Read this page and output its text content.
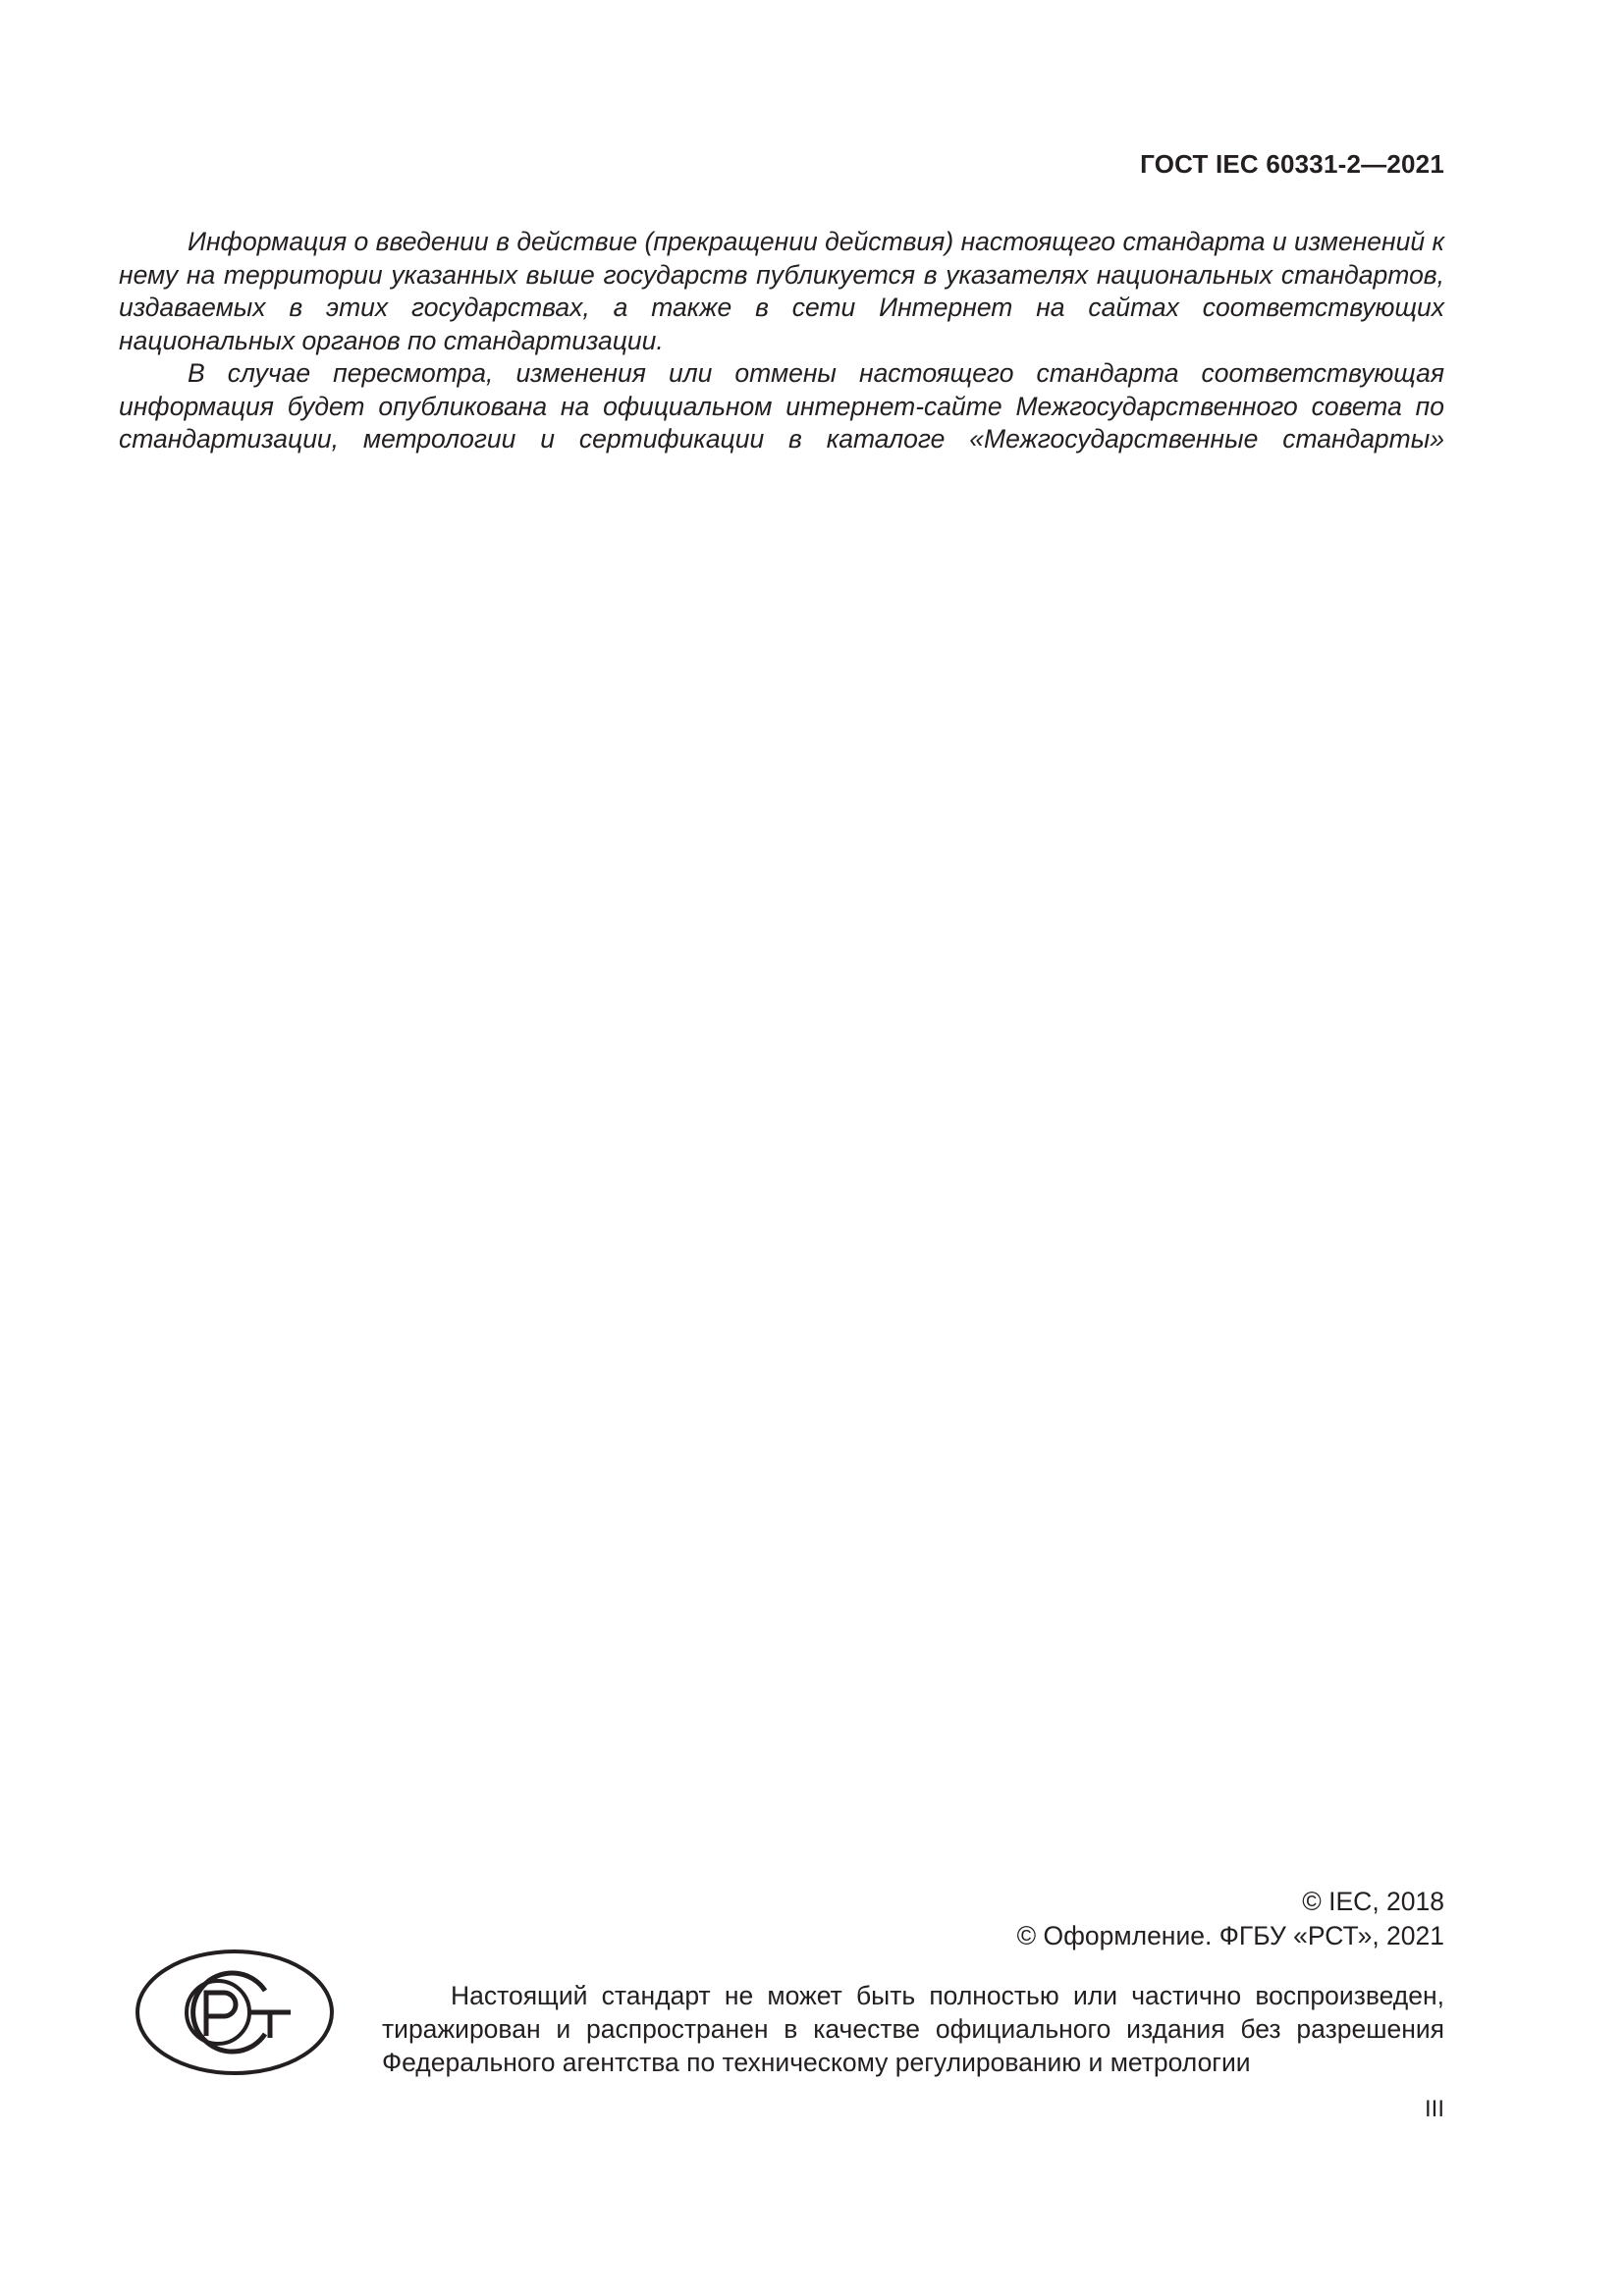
ГОСТ IEC 60331-2—2021

Информация о введении в действие (прекращении действия) настоящего стандарта и изменений к нему на территории указанных выше государств публикуется в указателях национальных стандартов, издаваемых в этих государствах, а также в сети Интернет на сайтах соответствующих национальных органов по стандартизации.

В случае пересмотра, изменения или отмены настоящего стандарта соответствующая информация будет опубликована на официальном интернет-сайте Межгосударственного совета по стандартизации, метрологии и сертификации в каталоге «Межгосударственные стандарты»

© IEC, 2018
© Оформление. ФГБУ «РСТ», 2021

Настоящий стандарт не может быть полностью или частично воспроизведен, тиражирован и распространен в качестве официального издания без разрешения Федерального агентства по техническому регулированию и метрологии

III
